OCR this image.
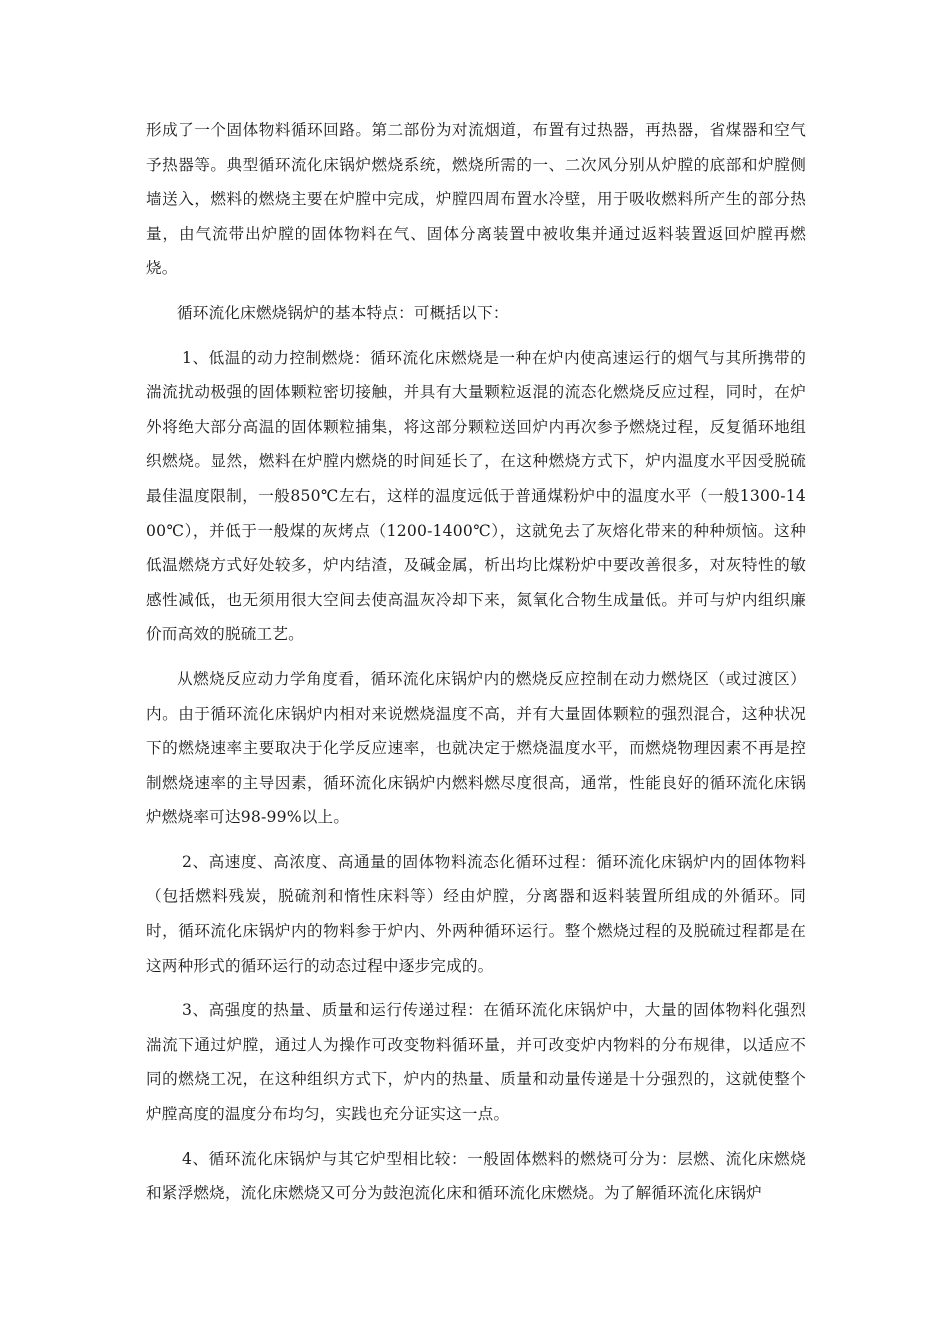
形成了一个固体物料循环回路。第二部份为对流烟道，布置有过热器，再热器，省煤器和空气予热器等。典型循环流化床锅炉燃烧系统，燃烧所需的一、二次风分别从炉膛的底部和炉膛侧墙送入，燃料的燃烧主要在炉膛中完成，炉膛四周布置水冷壁，用于吸收燃料所产生的部分热量，由气流带出炉膛的固体物料在气、固体分离装置中被收集并通过返料装置返回炉膛再燃烧。

循环流化床燃烧锅炉的基本特点：可概括以下：

1、低温的动力控制燃烧：循环流化床燃烧是一种在炉内使高速运行的烟气与其所携带的湍流扰动极强的固体颗粒密切接触，并具有大量颗粒返混的流态化燃烧反应过程，同时，在炉外将绝大部分高温的固体颗粒捕集，将这部分颗粒送回炉内再次参予燃烧过程，反复循环地组织燃烧。显然，燃料在炉膛内燃烧的时间延长了，在这种燃烧方式下，炉内温度水平因受脱硫最佳温度限制，一般850℃左右，这样的温度远低于普通煤粉炉中的温度水平（一般1300-1400℃），并低于一般煤的灰烤点（1200-1400℃），这就免去了灰熔化带来的种种烦恼。这种低温燃烧方式好处较多，炉内结渣，及碱金属，析出均比煤粉炉中要改善很多，对灰特性的敏感性减低，也无须用很大空间去使高温灰冷却下来，氮氧化合物生成量低。并可与炉内组织廉价而高效的脱硫工艺。

从燃烧反应动力学角度看，循环流化床锅炉内的燃烧反应控制在动力燃烧区（或过渡区）内。由于循环流化床锅炉内相对来说燃烧温度不高，并有大量固体颗粒的强烈混合，这种状况下的燃烧速率主要取决于化学反应速率，也就决定于燃烧温度水平，而燃烧物理因素不再是控制燃烧速率的主导因素，循环流化床锅炉内燃料燃尽度很高，通常，性能良好的循环流化床锅炉燃烧率可达98-99%以上。

2、高速度、高浓度、高通量的固体物料流态化循环过程：循环流化床锅炉内的固体物料（包括燃料残炭，脱硫剂和惰性床料等）经由炉膛，分离器和返料装置所组成的外循环。同时，循环流化床锅炉内的物料参于炉内、外两种循环运行。整个燃烧过程的及脱硫过程都是在这两种形式的循环运行的动态过程中逐步完成的。

3、高强度的热量、质量和运行传递过程：在循环流化床锅炉中，大量的固体物料化强烈湍流下通过炉膛，通过人为操作可改变物料循环量，并可改变炉内物料的分布规律，以适应不同的燃烧工况，在这种组织方式下，炉内的热量、质量和动量传递是十分强烈的，这就使整个炉膛高度的温度分布均匀，实践也充分证实这一点。

4、循环流化床锅炉与其它炉型相比较：一般固体燃料的燃烧可分为：层燃、流化床燃烧和紧浮燃烧，流化床燃烧又可分为鼓泡流化床和循环流化床燃烧。为了解循环流化床锅炉
